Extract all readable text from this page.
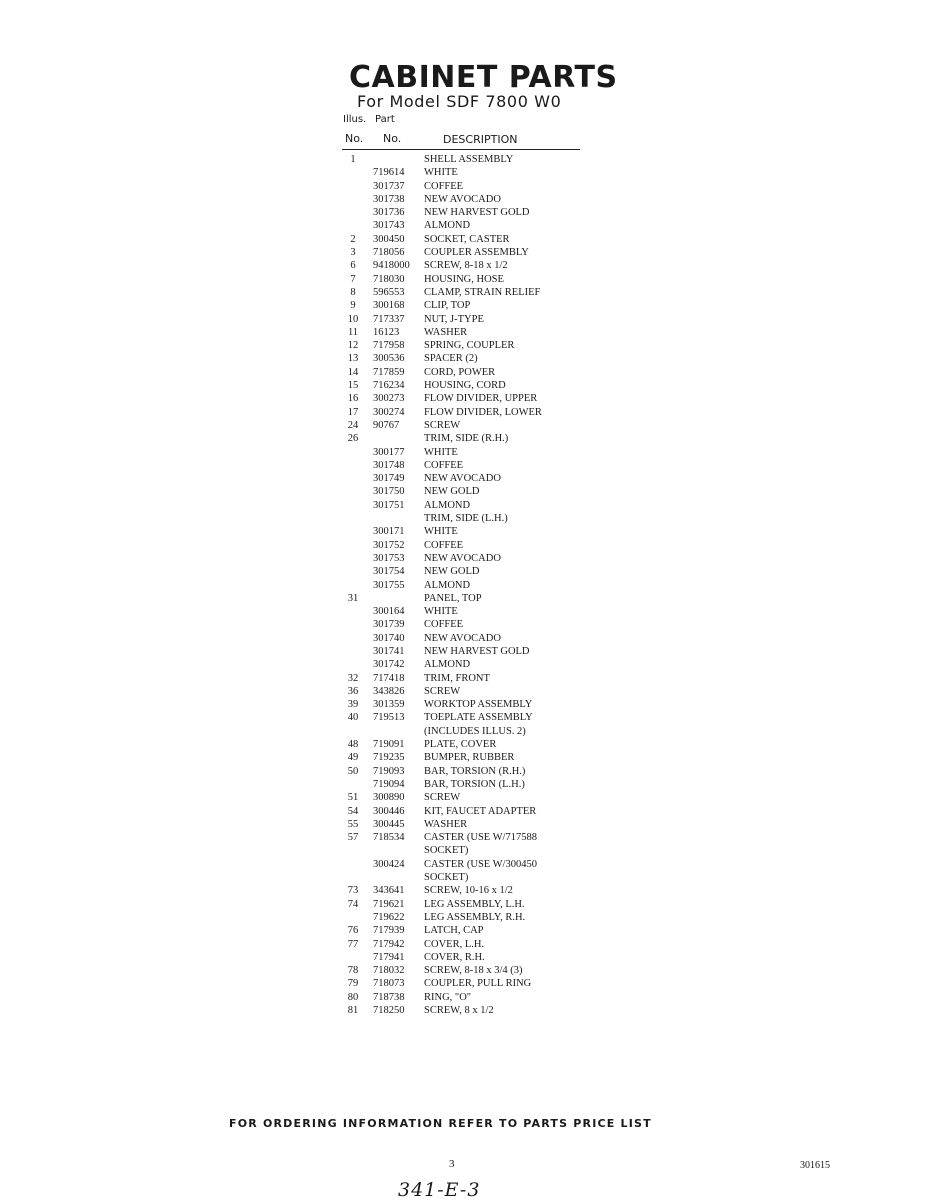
CABINET PARTS
For Model SDF 7800 W0
Illus. Part
No. No.	DESCRIPTION
1	SHELL ASSEMBLY
719614 WHITE
301737 COFFEE
301738 NEW AVOCADO
301736 NEW HARVEST GOLD
301743 ALMOND
2	300450 SOCKET, CASTER
3	718056 COUPLER ASSEMBLY
6	9418000 SCREW, 8-18 x 1/2
7	718030 HOUSING, HOSE
8	596553 CLAMP, STRAIN RELIEF
9	300168 CLIP, TOP
10	717337 NUT, J-TYPE
11	16123 WASHER
12	717958 SPRING, COUPLER
13	300536 SPACER (2)
14	717859 CORD, POWER
15	716234 HOUSING, CORD
16	300273 FLOW DIVIDER, UPPER
17	300274 FLOW DIVIDER, LOWER
24	90767 SCREW
26	TRIM, SIDE (R.H.)
300177 WHITE
301748 COFFEE
301749 NEW AVOCADO
301750 NEW GOLD
301751 ALMOND
TRIM, SIDE (L.H.)
300171 WHITE
301752 COFFEE
301753 NEW AVOCADO
301754 NEW GOLD
301755 ALMOND
31	PANEL, TOP
300164 WHITE
301739 COFFEE
301740 NEW AVOCADO
301741 NEW HARVEST GOLD
301742 ALMOND
32	717418 TRIM, FRONT
36	343826 SCREW
39	301359 WORKTOP ASSEMBLY
40	719513 TOEPLATE ASSEMBLY
(INCLUDES ILLUS. 2)
48	719091 PLATE, COVER
49	719235 BUMPER, RUBBER
50	719093 BAR, TORSION (R.H.)
719094 BAR, TORSION (L.H.)
51	300890 SCREW
54	300446 KIT, FAUCET ADAPTER
55	300445 WASHER
57	718534 CASTER (USE W/717588
SOCKET)
300424 CASTER (USE W/300450
SOCKET)
73	343641 SCREW, 10-16 x 1/2
74	719621 LEG ASSEMBLY, L.H.
719622 LEG ASSEMBLY, R.H.
76	717939 LATCH, CAP
77	717942 COVER, L.H.
717941 COVER, R.H.
78	718032 SCREW, 8-18 x 3/4 (3)
79	718073 COUPLER, PULL RING
80	718738 RING, "O"
81	718250 SCREW, 8 x 1/2
FOR ORDERING INFORMATION REFER TO PARTS PRICE LIST
3	301615
341-E-3
